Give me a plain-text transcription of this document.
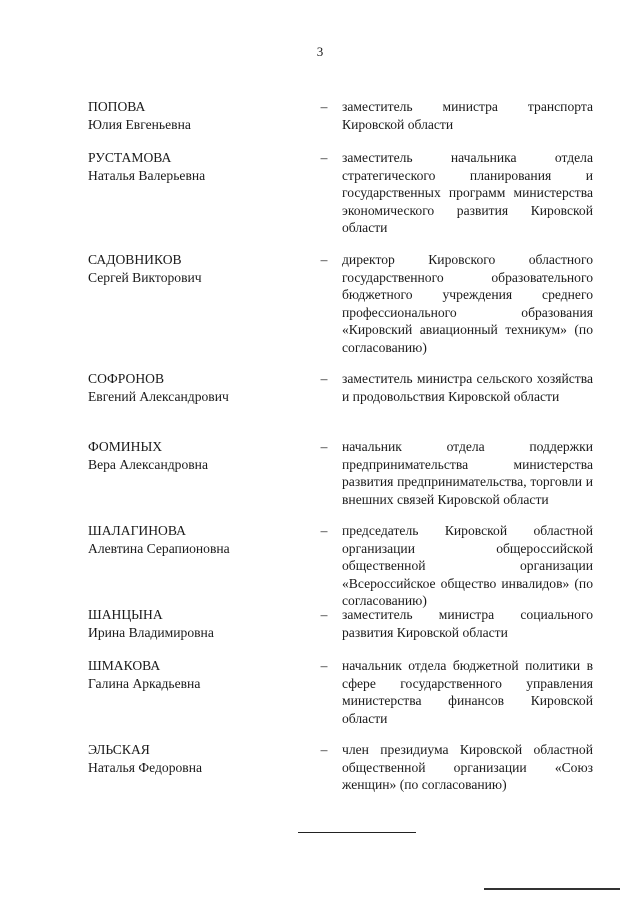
3
ПОПОВА
Юлия Евгеньевна
– заместитель министра транспорта Кировской области
РУСТАМОВА
Наталья Валерьевна
– заместитель начальника отдела стратегического планирования и государственных программ министерства экономического развития Кировской области
САДОВНИКОВ
Сергей Викторович
– директор Кировского областного государственного образовательного бюджетного учреждения среднего профессионального образования «Кировский авиационный техникум» (по согласованию)
СОФРОНОВ
Евгений Александрович
– заместитель министра сельского хозяйства и продовольствия Кировской области
ФОМИНЫХ
Вера Александровна
– начальник отдела поддержки предпринимательства министерства развития предпринимательства, торговли и внешних связей Кировской области
ШАЛАГИНОВА
Алевтина Серапионовна
– председатель Кировской областной организации общероссийской общественной организации «Всероссийское общество инвалидов» (по согласованию)
ШАНЦЫНА
Ирина Владимировна
– заместитель министра социального развития Кировской области
ШМАКОВА
Галина Аркадьевна
– начальник отдела бюджетной политики в сфере государственного управления министерства финансов Кировской области
ЭЛЬСКАЯ
Наталья Федоровна
– член президиума Кировской областной общественной организации «Союз женщин» (по согласованию)
